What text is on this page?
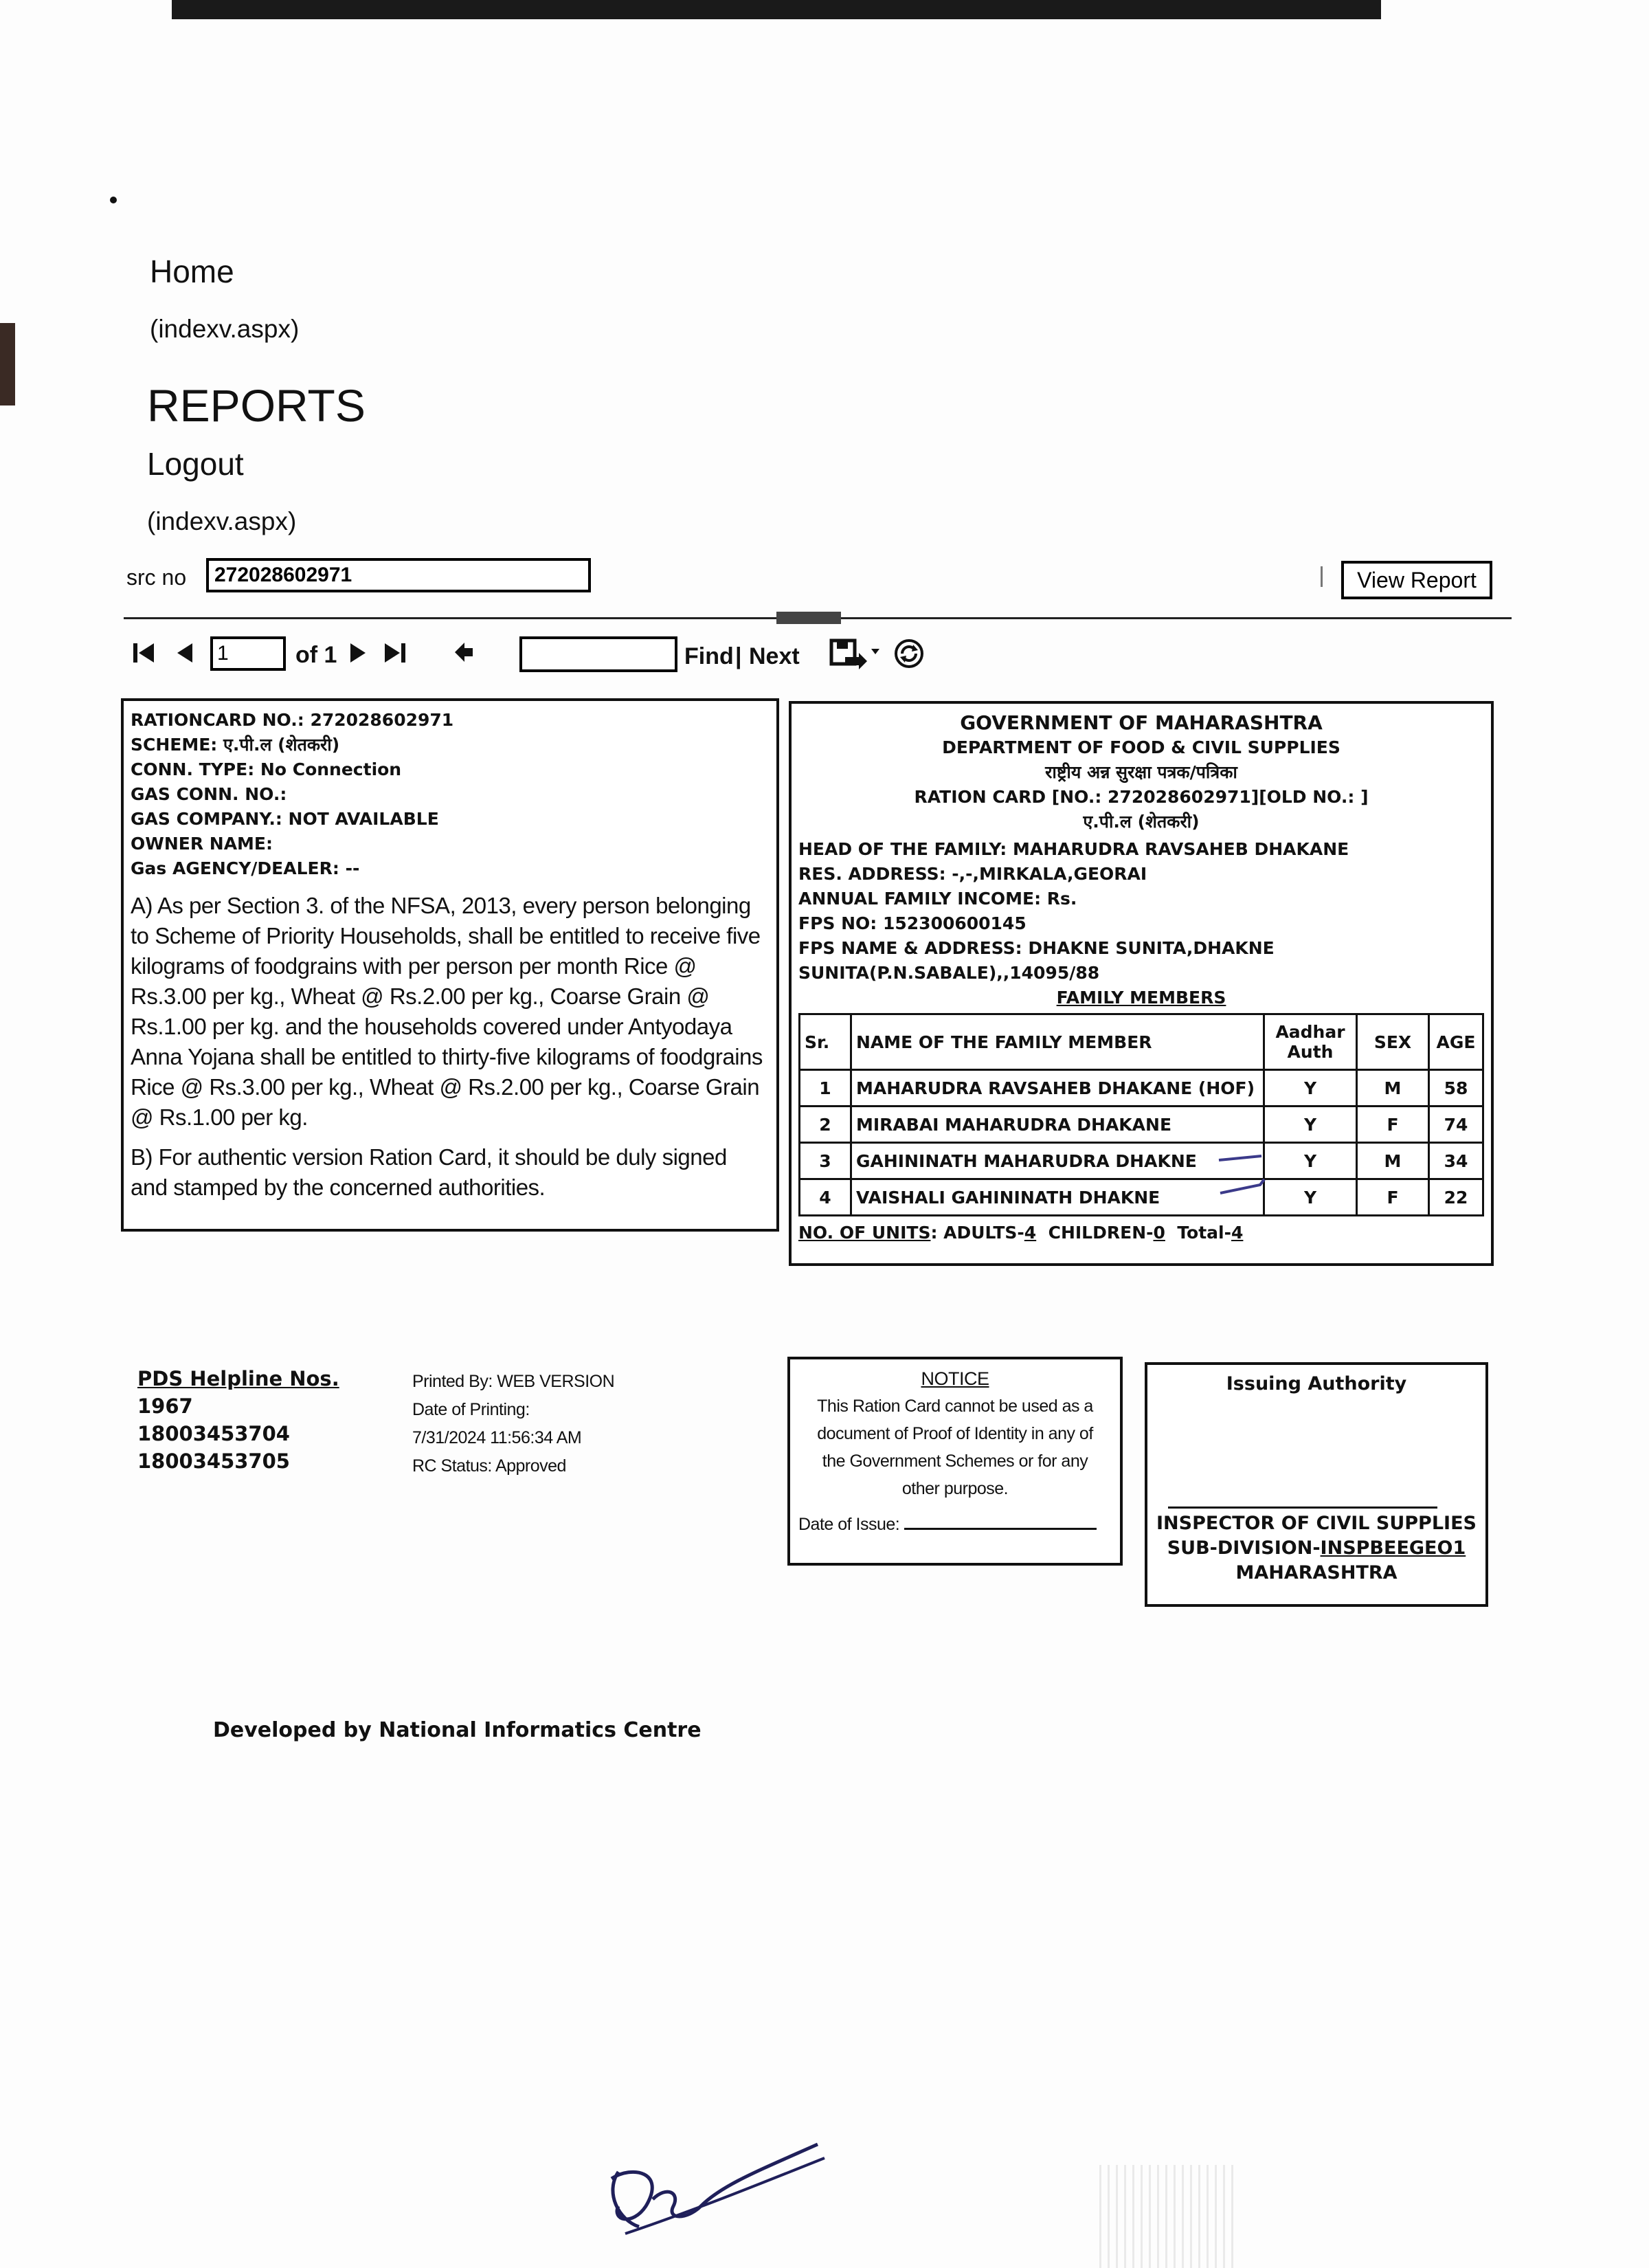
Home
(indexv.aspx)
REPORTS
Logout
(indexv.aspx)
src no
272028602971	View Report
1
of 1	Find | Next
RATIONCARD NO.: 272028602971
SCHEME: ए.पी.ल (शेतकरी)
CONN. TYPE: No Connection
GAS CONN. NO.:
GAS COMPANY.: NOT AVAILABLE
OWNER NAME:
Gas AGENCY/DEALER: --
A) As per Section 3. of the NFSA, 2013, every person belonging to Scheme of Priority Households, shall be entitled to receive five kilograms of foodgrains with per person per month Rice @ Rs.3.00 per kg., Wheat @ Rs.2.00 per kg., Coarse Grain @ Rs.1.00 per kg. and the households covered under Antyodaya Anna Yojana shall be entitled to thirty-five kilograms of foodgrains Rice @ Rs.3.00 per kg., Wheat @ Rs.2.00 per kg., Coarse Grain @ Rs.1.00 per kg.
B) For authentic version Ration Card, it should be duly signed and stamped by the concerned authorities.
GOVERNMENT OF MAHARASHTRA
DEPARTMENT OF FOOD & CIVIL SUPPLIES
राष्ट्रीय अन्न सुरक्षा पत्रक/पत्रिका
RATION CARD [NO.: 272028602971][OLD NO.: ]
ए.पी.ल (शेतकरी)
HEAD OF THE FAMILY: MAHARUDRA RAVSAHEB DHAKANE
RES. ADDRESS: -,-,MIRKALA,GEORAI
ANNUAL FAMILY INCOME: Rs.
FPS NO: 152300600145
FPS NAME & ADDRESS: DHAKNE SUNITA,DHAKNE SUNITA(P.N.SABALE),,14095/88
FAMILY MEMBERS
Sr.	NAME OF THE FAMILY MEMBER	Aadhar Auth	SEX	AGE
1	MAHARUDRA RAVSAHEB DHAKANE (HOF)	Y	M	58
2	MIRABAI MAHARUDRA DHAKANE	Y	F	74
3	GAHININATH MAHARUDRA DHAKNE	Y	M	34
4	VAISHALI GAHININATH DHAKNE	Y	F	22
NO. OF UNITS: ADULTS-4 CHILDREN-0 Total-4
PDS Helpline Nos.
1967
18003453704
18003453705
Printed By: WEB VERSION
Date of Printing:
7/31/2024 11:56:34 AM
RC Status: Approved
NOTICE
This Ration Card cannot be used as a document of Proof of Identity in any of the Government Schemes or for any other purpose.
Date of Issue:
Issuing Authority
INSPECTOR OF CIVIL SUPPLIES
SUB-DIVISION-INSPBEEGEO1
MAHARASHTRA
Developed by National Informatics Centre
